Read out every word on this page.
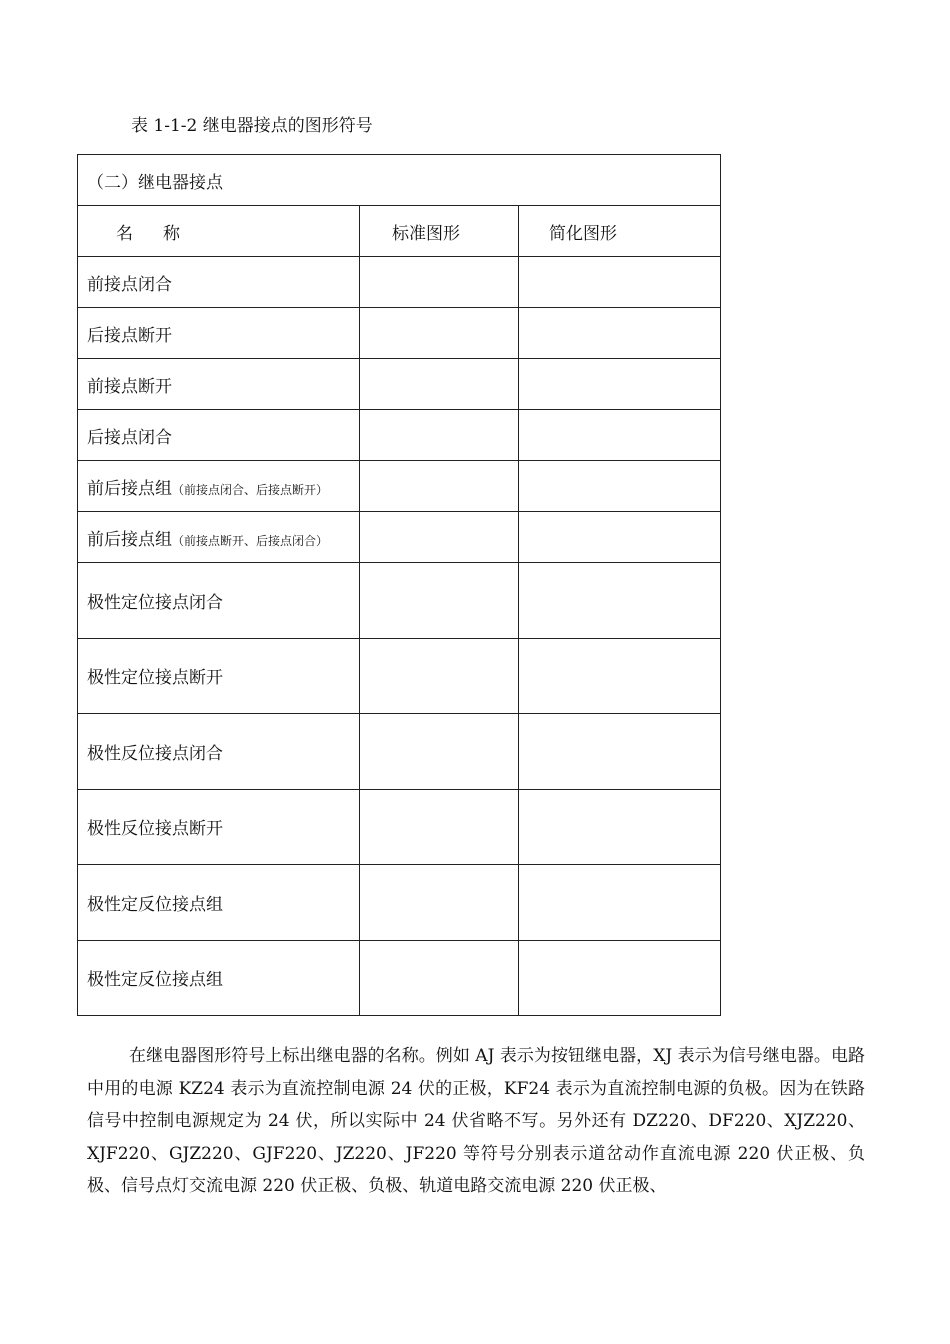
表 1-1-2 继电器接点的图形符号
（二）继电器接点		
名 称	标准图形	简化图形
前接点闭合		
后接点断开		
前接点断开		
后接点闭合		
前后接点组（前接点闭合、后接点断开）		
前后接点组（前接点断开、后接点闭合）		
极性定位接点闭合		
极性定位接点断开		
极性反位接点闭合		
极性反位接点断开		
极性定反位接点组		
极性定反位接点组		
在继电器图形符号上标出继电器的名称。例如 AJ 表示为按钮继电器，XJ 表示为信号继电器。电路中用的电源 KZ24 表示为直流控制电源 24 伏的正极，KF24 表示为直流控制电源的负极。因为在铁路信号中控制电源规定为 24 伏，所以实际中 24 伏省略不写。另外还有 DZ220、DF220、XJZ220、XJF220、GJZ220、GJF220、JZ220、JF220 等符号分别表示道岔动作直流电源 220 伏正极、负极、信号点灯交流电源 220 伏正极、负极、轨道电路交流电源 220 伏正极、
